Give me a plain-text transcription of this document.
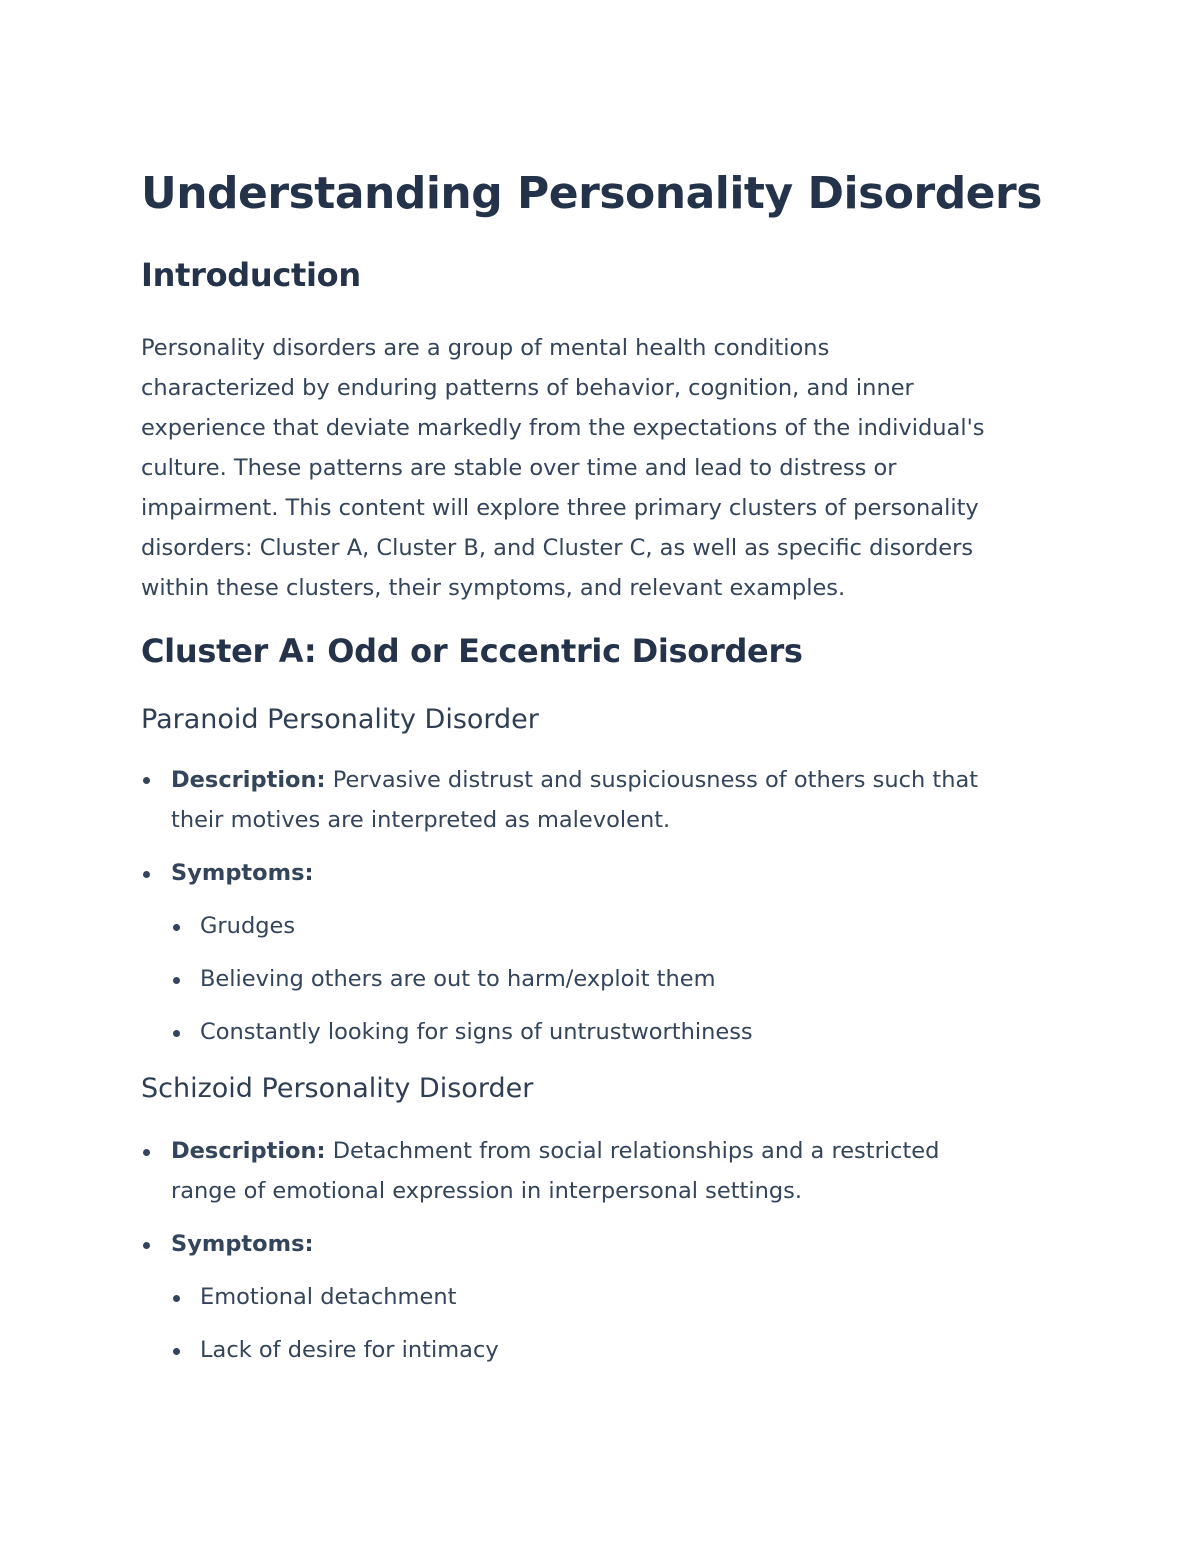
Understanding Personality Disorders
Introduction

Personality disorders are a group of mental health conditions
characterized by enduring patterns of behavior, cognition, and inner
experience that deviate markedly from the expectations of the individual's
culture. These patterns are stable over time and lead to distress or
impairment. This content will explore three primary clusters of personality
disorders: Cluster A, Cluster B, and Cluster C, as well as specific disorders
within these clusters, their symptoms, and relevant examples.

Cluster A: Odd or Eccentric Disorders
Paranoid Personality Disorder
Description: Pervasive distrust and suspiciousness of others such that
their motives are interpreted as malevolent.
Symptoms:
Grudges
Believing others are out to harm/exploit them
Constantly looking for signs of untrustworthiness
Schizoid Personality Disorder
Description: Detachment from social relationships and a restricted
range of emotional expression in interpersonal settings.
Symptoms:
Emotional detachment
Lack of desire for intimacy
